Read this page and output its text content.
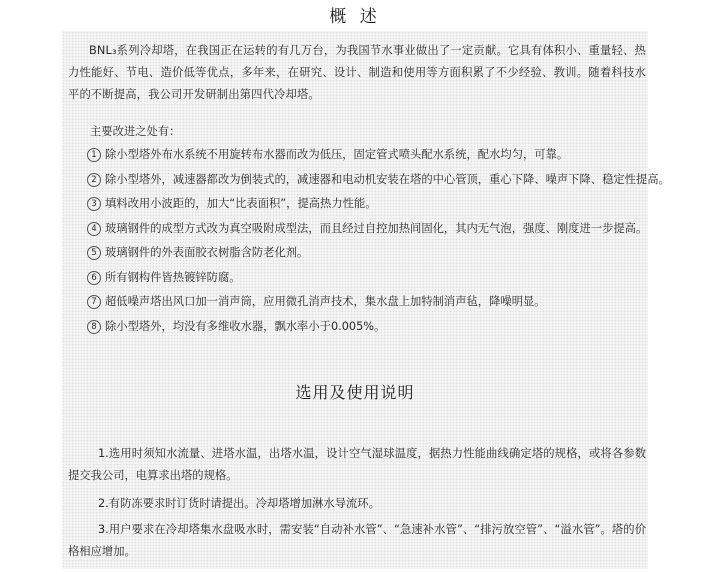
概 述

BNL₃系列冷却塔，在我国正在运转的有几万台，为我国节水事业做出了一定贡献。它具有体积小、重量轻、热力性能好、节电、造价低等优点，多年来，在研究、设计、制造和使用等方面积累了不少经验、教训。随着科技水平的不断提高，我公司开发研制出第四代冷却塔。

主要改进之处有：
1 除小型塔外布水系统不用旋转布水器而改为低压，固定管式喷头配水系统，配水均匀，可靠。
2 除小型塔外，减速器都改为倒装式的，减速器和电动机安装在塔的中心管顶，重心下降、噪声下降、稳定性提高。
3 填料改用小波距的，加大“比表面积”，提高热力性能。
4 玻璃钢件的成型方式改为真空吸附成型法，而且经过自控加热间固化，其内无气泡，强度、刚度进一步提高。
5 玻璃钢件的外表面胶衣树脂含防老化剂。
6 所有钢构件皆热镀锌防腐。
7 超低噪声塔出风口加一消声筒，应用微孔消声技术，集水盘上加特制消声毡，降噪明显。
8 除小型塔外，均没有多维收水器，飘水率小于0.005%。
选用及使用说明

1.选用时须知水流量、进塔水温，出塔水温，设计空气湿球温度，据热力性能曲线确定塔的规格，或将各参数提交我公司，电算求出塔的规格。

2.有防冻要求时订货时请提出。冷却塔增加淋水导流环。

3.用户要求在冷却塔集水盘吸水时，需安装“自动补水管”、“急速补水管”、“排污放空管”、“溢水管”。塔的价格相应增加。
